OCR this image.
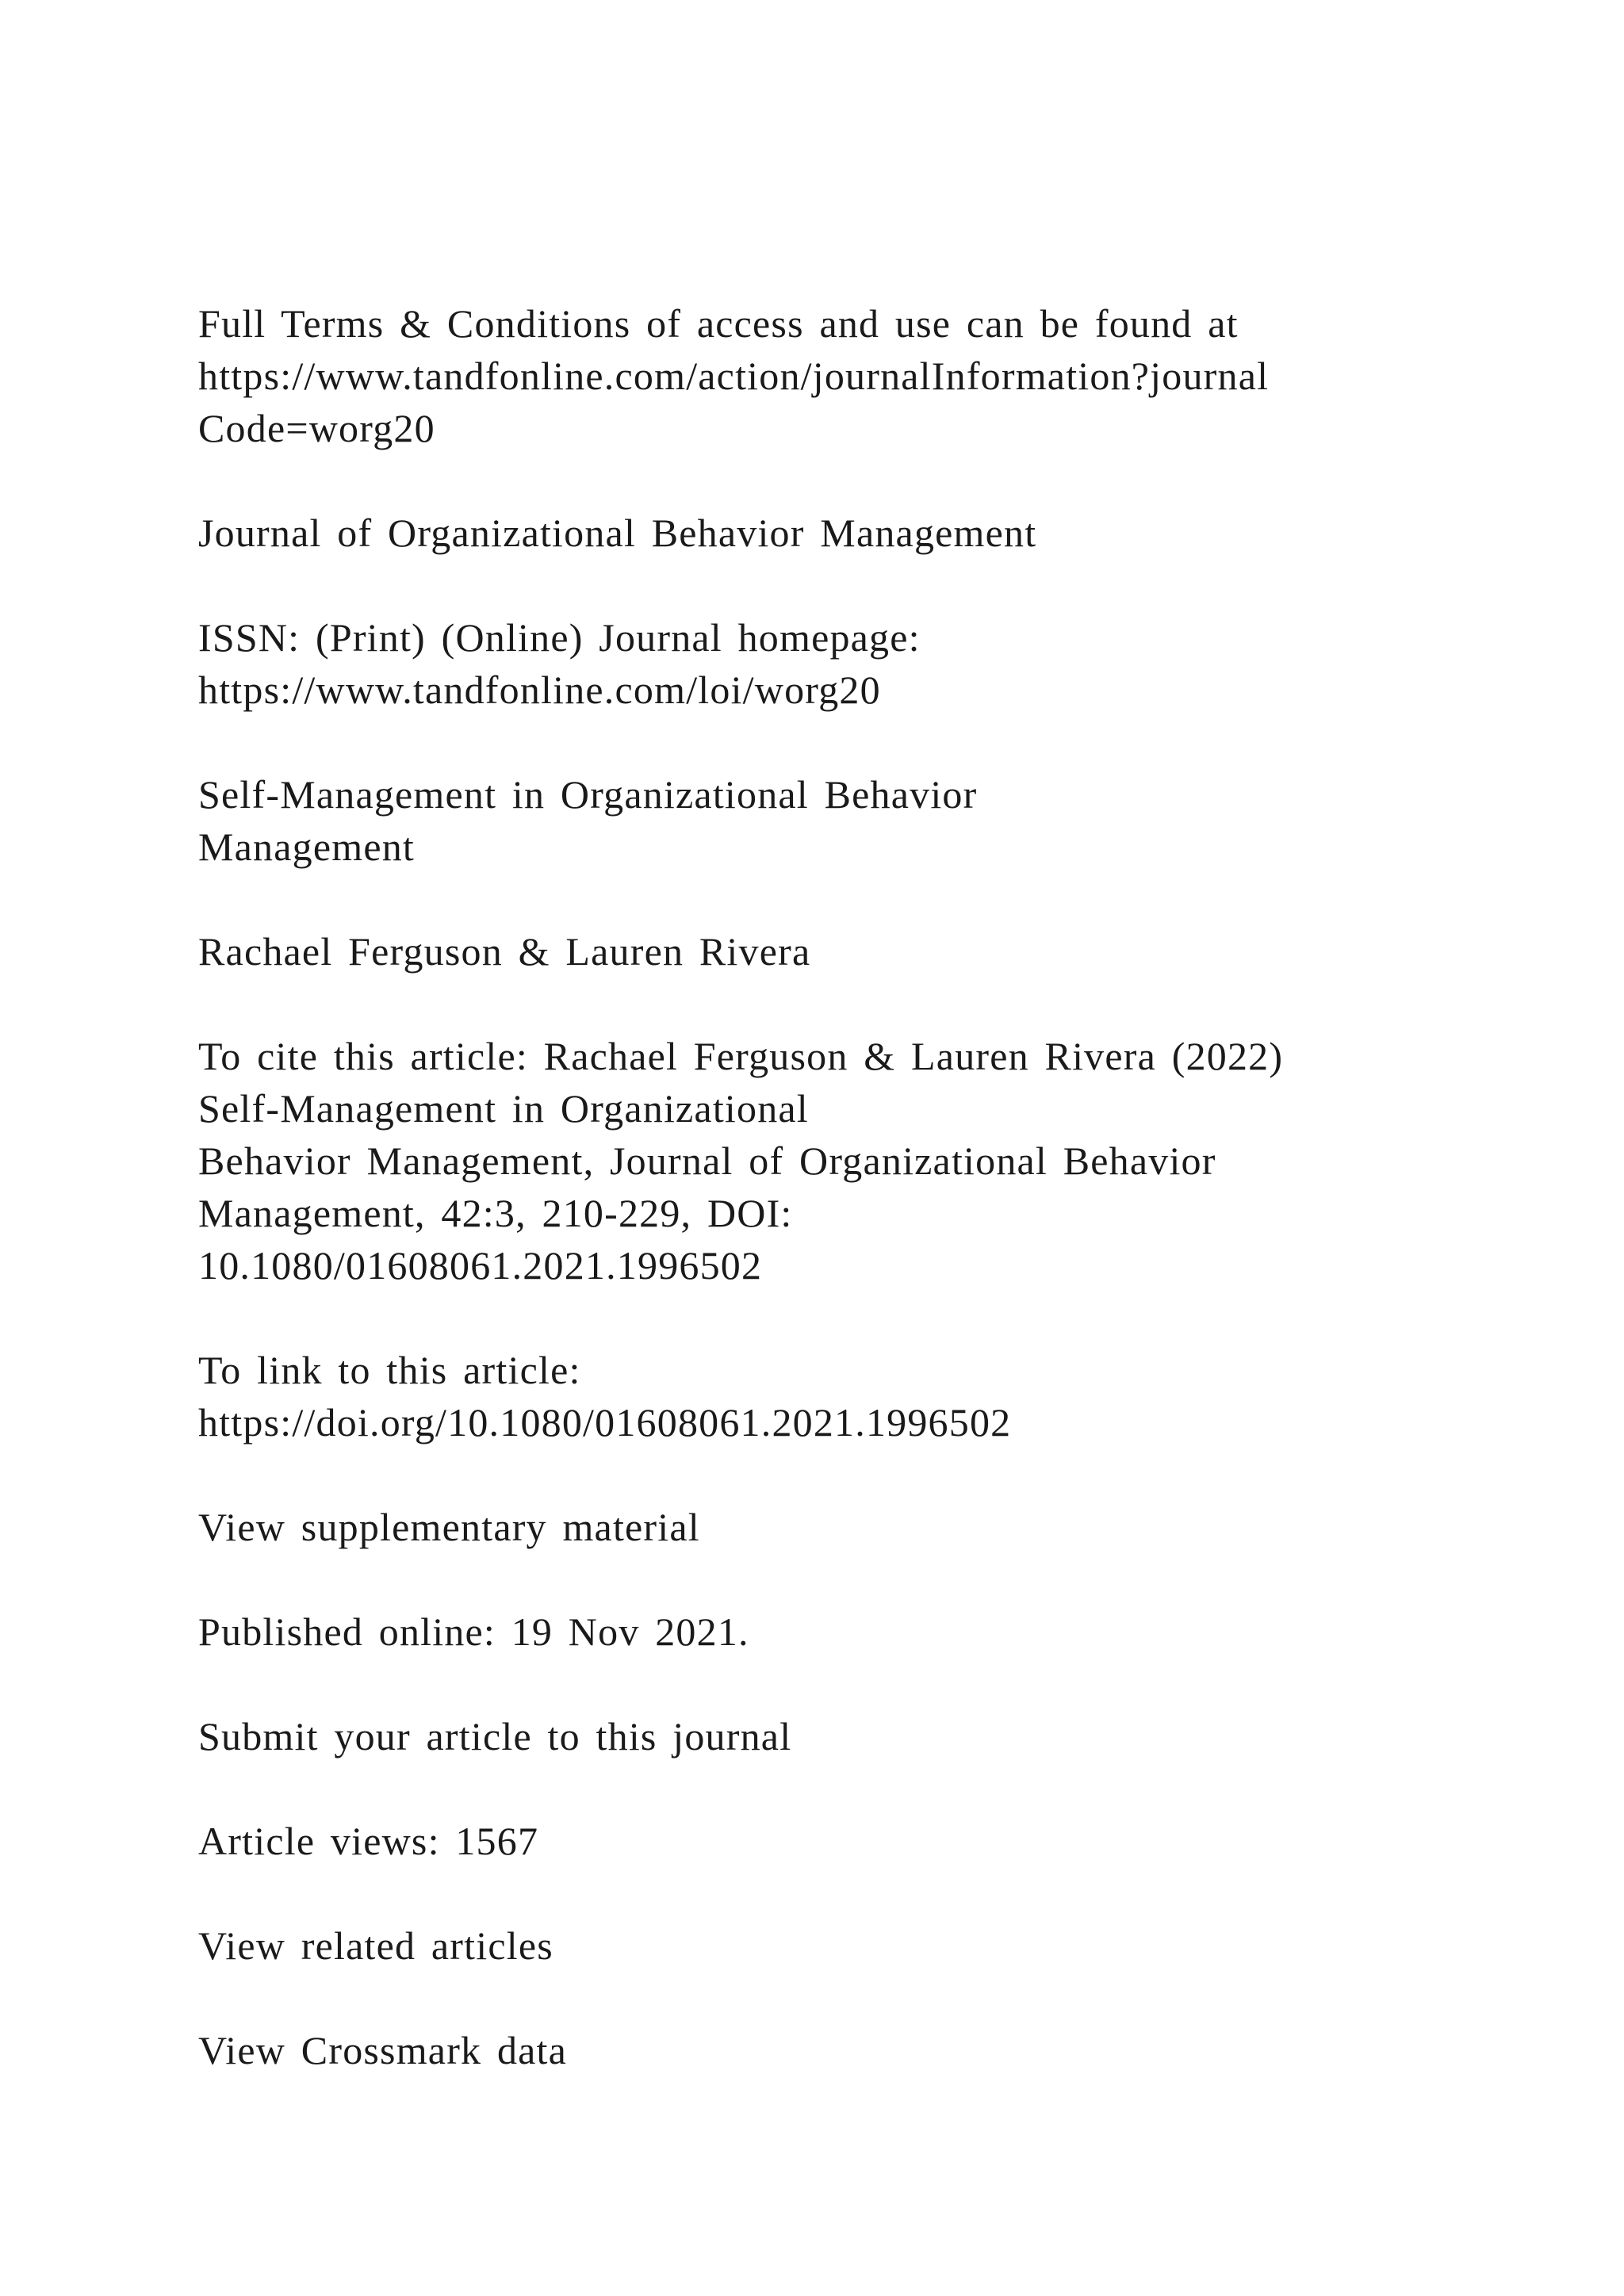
Full Terms & Conditions of access and use can be found at
https://www.tandfonline.com/action/journalInformation?journal
Code=worg20
Journal of Organizational Behavior Management
ISSN: (Print) (Online) Journal homepage:
https://www.tandfonline.com/loi/worg20
Self-Management in Organizational Behavior
Management
Rachael Ferguson & Lauren Rivera
To cite this article: Rachael Ferguson & Lauren Rivera (2022)
Self-Management in Organizational
Behavior Management, Journal of Organizational Behavior
Management, 42:3, 210-229, DOI:
10.1080/01608061.2021.1996502
To link to this article:
https://doi.org/10.1080/01608061.2021.1996502
View supplementary material
Published online: 19 Nov 2021.
Submit your article to this journal
Article views: 1567
View related articles
View Crossmark data
